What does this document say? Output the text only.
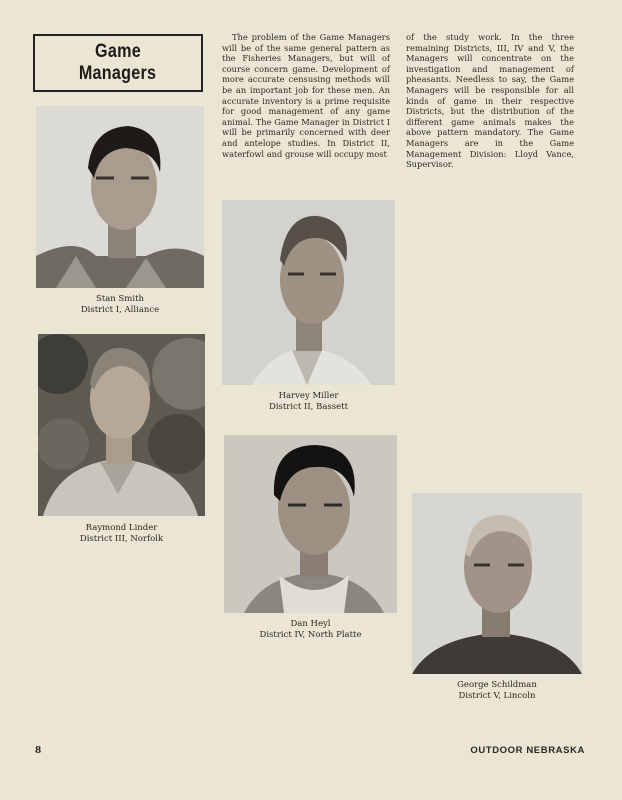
Game
Managers
The problem of the Game Managers will be of the same general pattern as the Fisheries Managers, but will of course concern game. Development of more accurate censusing methods will be an important job for these men. An accurate inventory is a prime requisite for good management of any game animal. The Game Manager in District I will be primarily concerned with deer and antelope studies. In District II, waterfowl and grouse will occupy most
of the study work. In the three remaining Districts, III, IV and V, the Managers will concentrate on the investigation and management of pheasants. Needless to say, the Game Managers will be responsible for all kinds of game in their respective Districts, but the distribution of the different game animals makes the above pattern mandatory. The Game Managers are in the Game Management Division: Lloyd Vance, Supervisor.
Stan Smith
District I, Alliance
Harvey Miller
District II, Bassett
Raymond Linder
District III, Norfolk
Dan Heyl
District IV, North Platte
George Schildman
District V, Lincoln
8	OUTDOOR NEBRASKA
